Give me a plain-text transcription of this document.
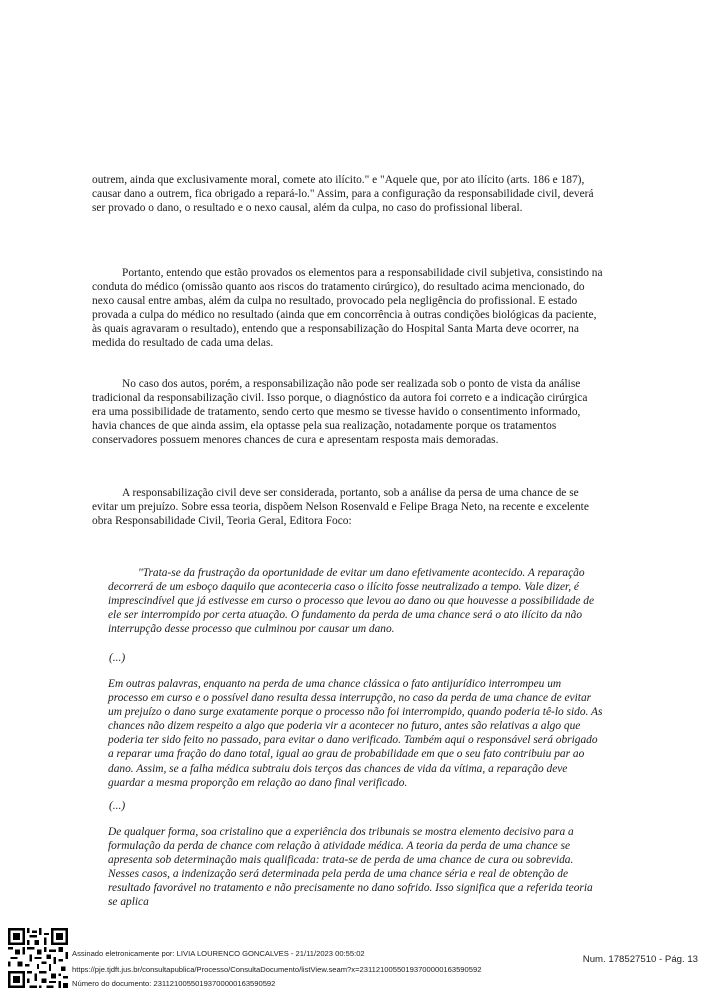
outrem, ainda que exclusivamente moral, comete ato ilícito." e "Aquele que, por ato ilícito (arts. 186 e 187), causar dano a outrem, fica obrigado a repará-lo." Assim, para a configuração da responsabilidade civil, deverá ser provado o dano, o resultado e o nexo causal, além da culpa, no caso do profissional liberal.

Portanto, entendo que estão provados os elementos para a responsabilidade civil subjetiva, consistindo na conduta do médico (omissão quanto aos riscos do tratamento cirúrgico), do resultado acima mencionado, do nexo causal entre ambas, além da culpa no resultado, provocado pela negligência do profissional. E estado provada a culpa do médico no resultado (ainda que em concorrência à outras condições biológicas da paciente, às quais agravaram o resultado), entendo que a responsabilização do Hospital Santa Marta deve ocorrer, na medida do resultado de cada uma delas.

No caso dos autos, porém, a responsabilização não pode ser realizada sob o ponto de vista da análise tradicional da responsabilização civil. Isso porque, o diagnóstico da autora foi correto e a indicação cirúrgica era uma possibilidade de tratamento, sendo certo que mesmo se tivesse havido o consentimento informado, havia chances de que ainda assim, ela optasse pela sua realização, notadamente porque os tratamentos conservadores possuem menores chances de cura e apresentam resposta mais demoradas.

A responsabilização civil deve ser considerada, portanto, sob a análise da persa de uma chance de se evitar um prejuízo. Sobre essa teoria, dispõem Nelson Rosenvald e Felipe Braga Neto, na recente e excelente obra Responsabilidade Civil, Teoria Geral, Editora Foco:

"Trata-se da frustração da oportunidade de evitar um dano efetivamente acontecido. A reparação decorrerá de um esboço daquilo que aconteceria caso o ilícito fosse neutralizado a tempo. Vale dizer, é imprescindível que já estivesse em curso o processo que levou ao dano ou que houvesse a possibilidade de ele ser interrompido por certa atuação. O fundamento da perda de uma chance será o ato ilícito da não interrupção desse processo que culminou por causar um dano.

(...)

Em outras palavras, enquanto na perda de uma chance clássica o fato antijurídico interrompeu um processo em curso e o possível dano resulta dessa interrupção, no caso da perda de uma chance de evitar um prejuízo o dano surge exatamente porque o processo não foi interrompido, quando poderia tê-lo sido. As chances não dizem respeito a algo que poderia vir a acontecer no futuro, antes são relativas a algo que poderia ter sido feito no passado, para evitar o dano verificado. Também aqui o responsável será obrigado a reparar uma fração do dano total, igual ao grau de probabilidade em que o seu fato contribuiu par ao dano. Assim, se a falha médica subtraiu dois terços das chances de vida da vítima, a reparação deve guardar a mesma proporção em relação ao dano final verificado.

(...)

De qualquer forma, soa cristalino que a experiência dos tribunais se mostra elemento decisivo para a formulação da perda de chance com relação à atividade médica. A teoria da perda de uma chance se apresenta sob determinação mais qualificada: trata-se de perda de uma chance de cura ou sobrevida. Nesses casos, a indenização será determinada pela perda de uma chance séria e real de obtenção de resultado favorável no tratamento e não precisamente no dano sofrido. Isso significa que a referida teoria se aplica

Assinado eletronicamente por: LIVIA LOURENCO GONCALVES - 21/11/2023 00:55:02

https://pje.tjdft.jus.br/consultapublica/Processo/ConsultaDocumento/listView.seam?x=23112100550193700000163590592

Número do documento: 23112100550193700000163590592

Num. 178527510 - Pág. 13
